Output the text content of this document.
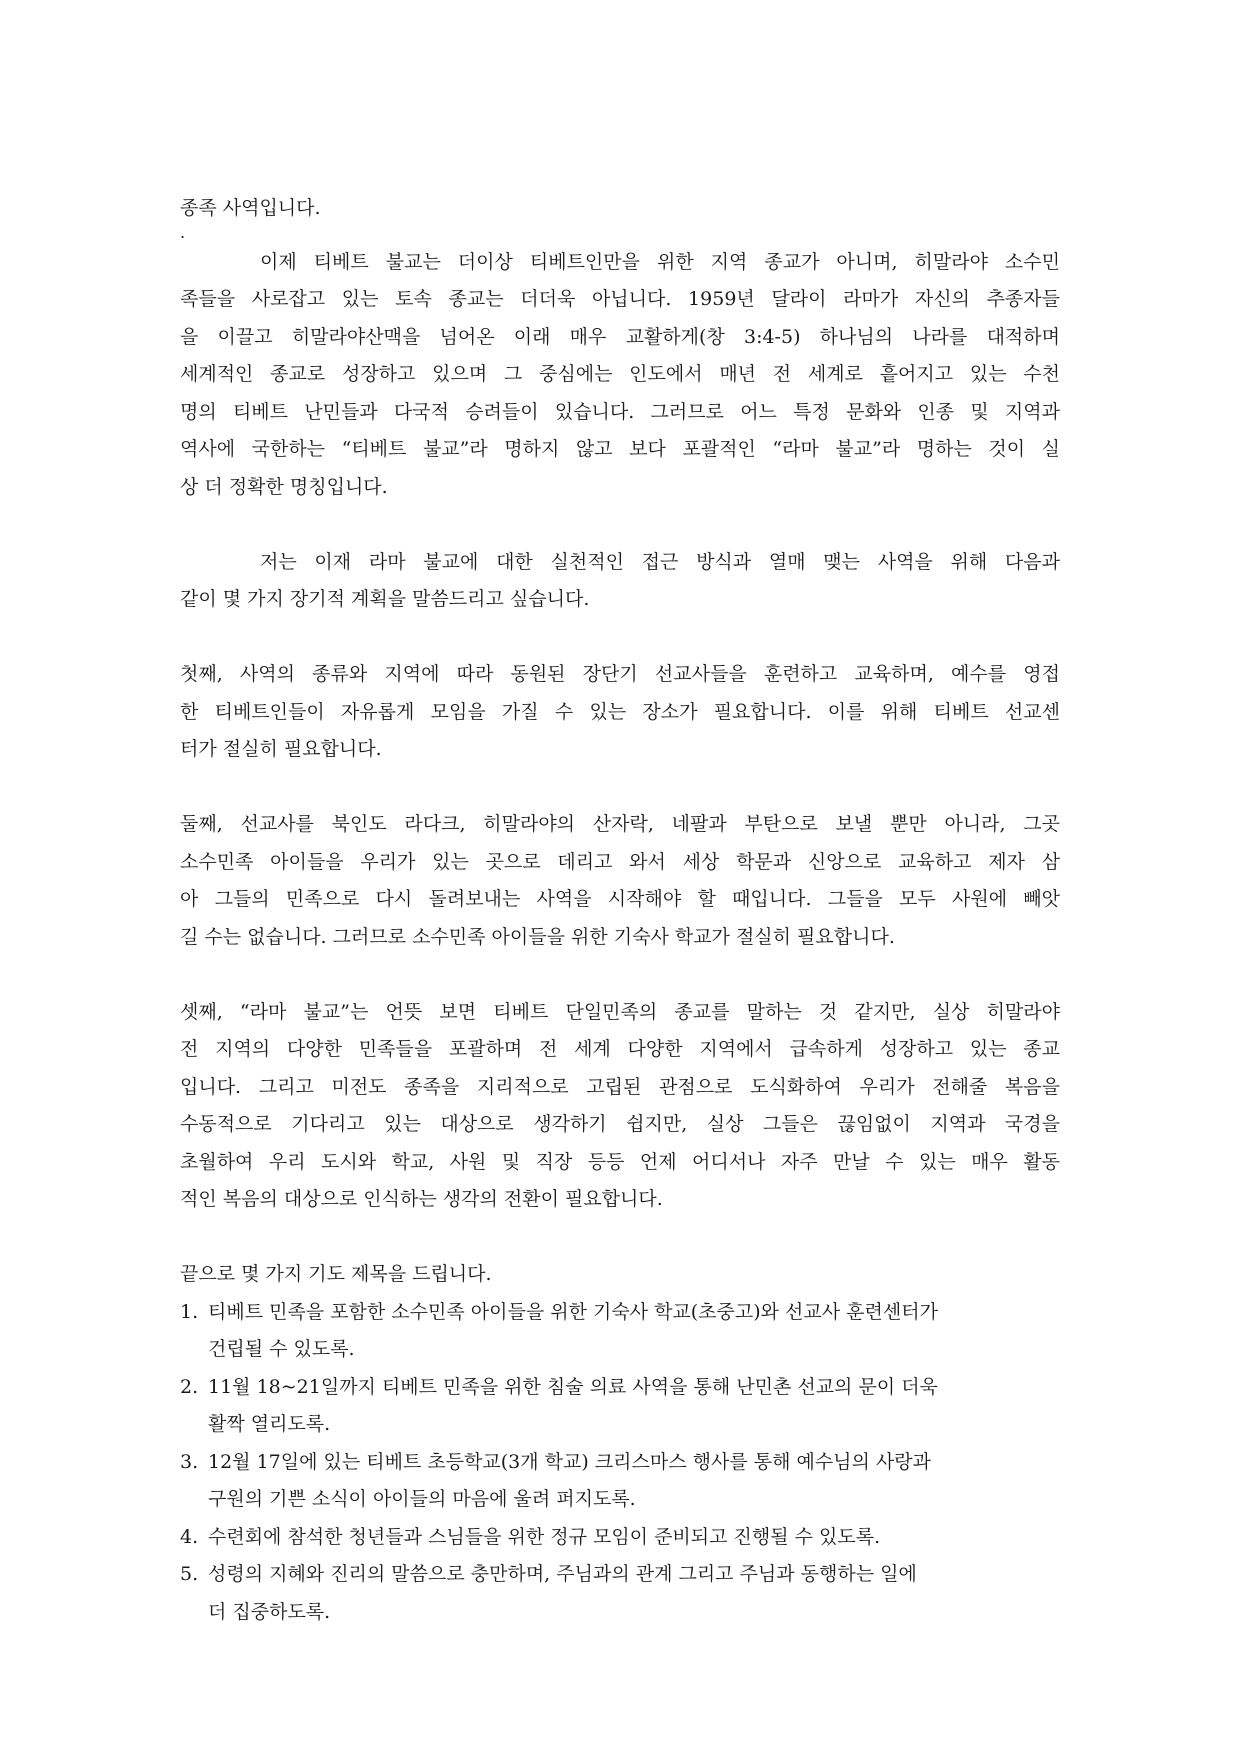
종족 사역입니다.

.

이제 티베트 불교는 더이상 티베트인만을 위한 지역 종교가 아니며, 히말라야 소수민

족들을 사로잡고 있는 토속 종교는 더더욱 아닙니다. 1959년 달라이 라마가 자신의 추종자들

을 이끌고 히말라야산맥을 넘어온 이래 매우 교활하게(창 3:4-5) 하나님의 나라를 대적하며

세계적인 종교로 성장하고 있으며 그 중심에는 인도에서 매년 전 세계로 흩어지고 있는 수천

명의 티베트 난민들과 다국적 승려들이 있습니다. 그러므로 어느 특정 문화와 인종 및 지역과

역사에 국한하는 “티베트 불교”라 명하지 않고 보다 포괄적인 “라마 불교”라 명하는 것이 실

상 더 정확한 명칭입니다.

저는 이재 라마 불교에 대한 실천적인 접근 방식과 열매 맺는 사역을 위해 다음과

같이 몇 가지 장기적 계획을 말씀드리고 싶습니다.

첫째, 사역의 종류와 지역에 따라 동원된 장단기 선교사들을 훈련하고 교육하며, 예수를 영접

한 티베트인들이 자유롭게 모임을 가질 수 있는 장소가 필요합니다. 이를 위해 티베트 선교센

터가 절실히 필요합니다.

둘째, 선교사를 북인도 라다크, 히말라야의 산자락, 네팔과 부탄으로 보낼 뿐만 아니라, 그곳

소수민족 아이들을 우리가 있는 곳으로 데리고 와서 세상 학문과 신앙으로 교육하고 제자 삼

아 그들의 민족으로 다시 돌려보내는 사역을 시작해야 할 때입니다. 그들을 모두 사원에 빼앗

길 수는 없습니다. 그러므로 소수민족 아이들을 위한 기숙사 학교가 절실히 필요합니다.

셋째, “라마 불교”는 언뜻 보면 티베트 단일민족의 종교를 말하는 것 같지만, 실상 히말라야

전 지역의 다양한 민족들을 포괄하며 전 세계 다양한 지역에서 급속하게 성장하고 있는 종교

입니다. 그리고 미전도 종족을 지리적으로 고립된 관점으로 도식화하여 우리가 전해줄 복음을

수동적으로 기다리고 있는 대상으로 생각하기 쉽지만, 실상 그들은 끊임없이 지역과 국경을

초월하여 우리 도시와 학교, 사원 및 직장 등등 언제 어디서나 자주 만날 수 있는 매우 활동

적인 복음의 대상으로 인식하는 생각의 전환이 필요합니다.

끝으로 몇 가지 기도 제목을 드립니다.

1. 티베트 민족을 포함한 소수민족 아이들을 위한 기숙사 학교(초중고)와 선교사 훈련센터가

건립될 수 있도록.

2. 11월 18~21일까지 티베트 민족을 위한 침술 의료 사역을 통해 난민촌 선교의 문이 더욱

활짝 열리도록.

3. 12월 17일에 있는 티베트 초등학교(3개 학교) 크리스마스 행사를 통해 예수님의 사랑과

구원의 기쁜 소식이 아이들의 마음에 울려 퍼지도록.

4. 수련회에 참석한 청년들과 스님들을 위한 정규 모임이 준비되고 진행될 수 있도록.

5. 성령의 지혜와 진리의 말씀으로 충만하며, 주님과의 관계 그리고 주님과 동행하는 일에

더 집중하도록.
